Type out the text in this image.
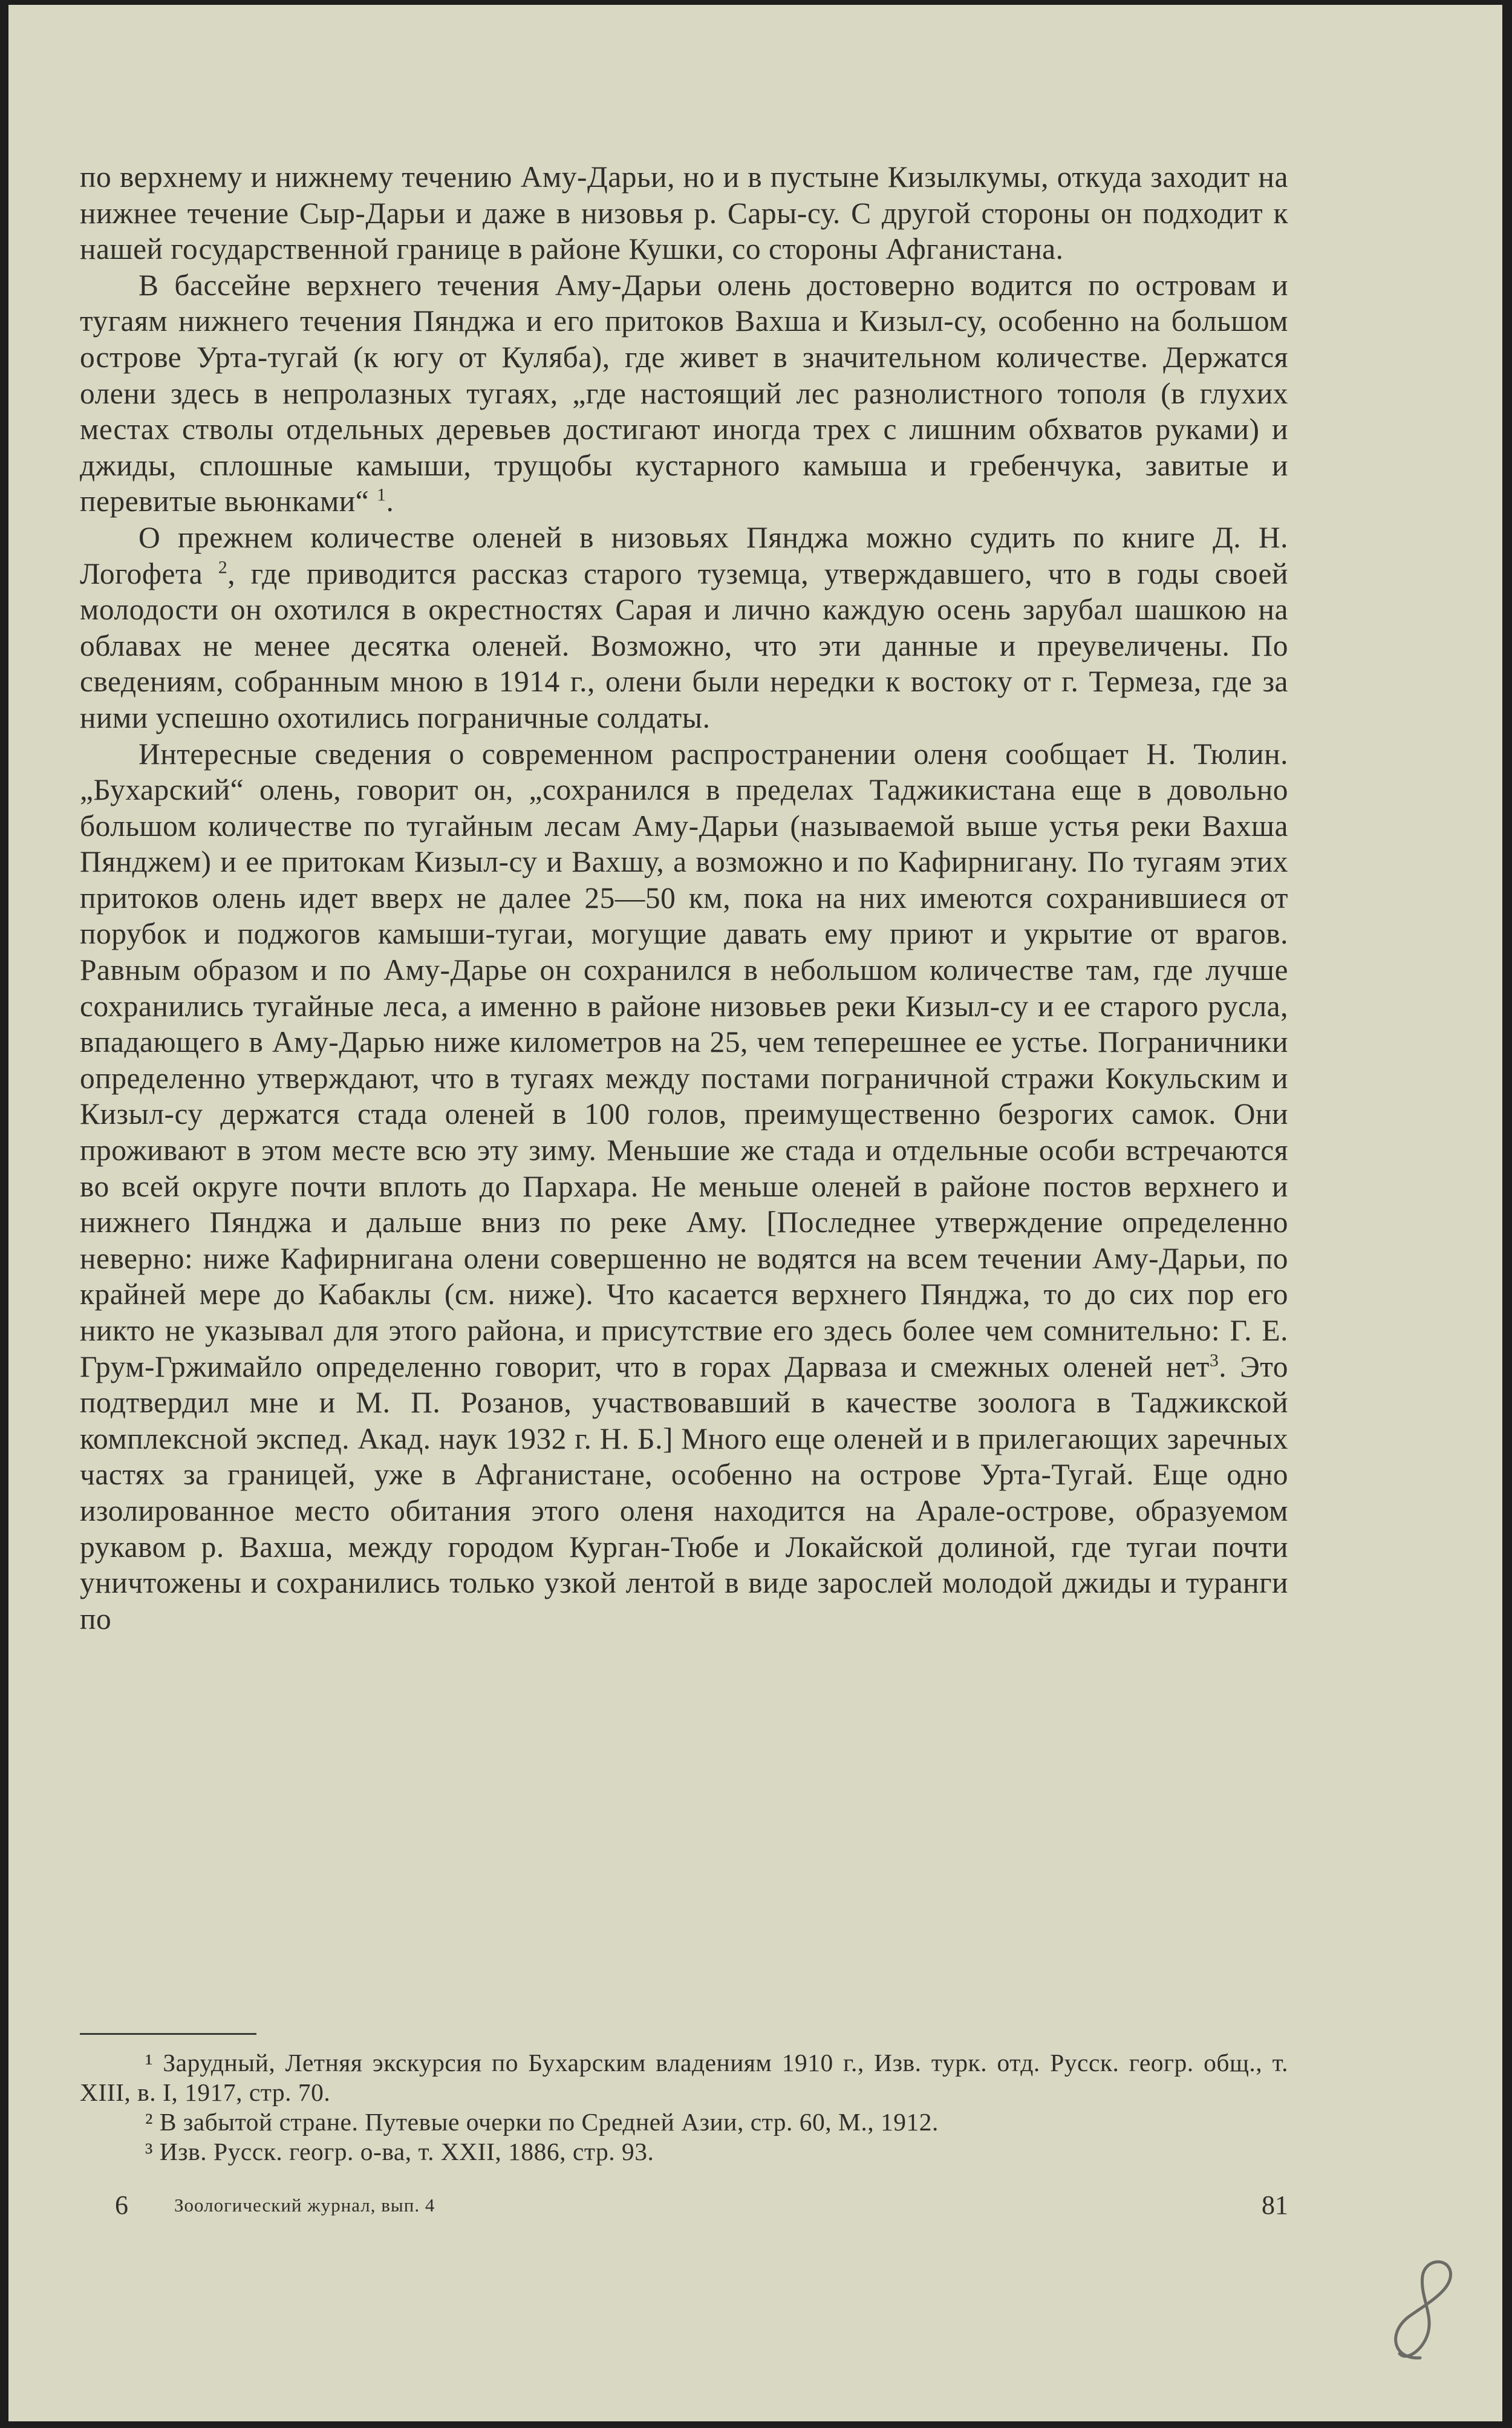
по верхнему и нижнему течению Аму-Дарьи, но и в пустыне Кизылкумы, откуда заходит на нижнее течение Сыр-Дарьи и даже в низовья р. Сары-су. С другой стороны он подходит к нашей государственной границе в районе Кушки, со стороны Афганистана.

В бассейне верхнего течения Аму-Дарьи олень достоверно водится по островам и тугаям нижнего течения Пянджа и его притоков Вахша и Кизыл-су, особенно на большом острове Урта-тугай (к югу от Куляба), где живет в значительном количестве. Держатся олени здесь в непролазных тугаях, „где настоящий лес разнолистного тополя (в глухих местах стволы отдельных деревьев достигают иногда трех с лишним обхватов руками) и джиды, сплошные камыши, трущобы кустарного камыша и гребенчука, завитые и перевитые вьюнками“ $^1$.

О прежнем количестве оленей в низовьях Пянджа можно судить по книге Д. Н. Логофета $^2$, где приводится рассказ старого туземца, утверждавшего, что в годы своей молодости он охотился в окрестностях Сарая и лично каждую осень зарубал шашкою на облавах не менее десятка оленей. Возможно, что эти данные и преувеличены. По сведениям, собранным мною в 1914 г., олени были нередки к востоку от г. Термеза, где за ними успешно охотились пограничные солдаты.

Интересные сведения о современном распространении оленя сообщает Н. Тюлин. „Бухарский“ олень, говорит он, „сохранился в пределах Таджикистана еще в довольно большом количестве по тугайным лесам Аму-Дарьи (называемой выше устья реки Вахша Пянджем) и ее притокам Кизыл-су и Вахшу, а возможно и по Кафирнигану. По тугаям этих притоков олень идет вверх не далее 25—50 км, пока на них имеются сохранившиеся от порубок и поджогов камыши-тугаи, могущие давать ему приют и укрытие от врагов. Равным образом и по Аму-Дарье он сохранился в небольшом количестве там, где лучше сохранились тугайные леса, а именно в районе низовьев реки Кизыл-су и ее старого русла, впадающего в Аму-Дарью ниже километров на 25, чем теперешнее ее устье. Пограничники определенно утверждают, что в тугаях между постами пограничной стражи Кокульским и Кизыл-су держатся стада оленей в 100 голов, преимущественно безрогих самок. Они проживают в этом месте всю эту зиму. Меньшие же стада и отдельные особи встречаются во всей округе почти вплоть до Пархара. Не меньше оленей в районе постов верхнего и нижнего Пянджа и дальше вниз по реке Аму. [Последнее утверждение определенно неверно: ниже Кафирнигана олени совершенно не водятся на всем течении Аму-Дарьи, по крайней мере до Кабаклы (см. ниже). Что касается верхнего Пянджа, то до сих пор его никто не указывал для этого района, и присутствие его здесь более чем сомнительно: Г. Е. Грум-Гржимайло определенно говорит, что в горах Дарваза и смежных оленей нет$^3$. Это подтвердил мне и М. П. Розанов, участвовавший в качестве зоолога в Таджикской комплексной экспед. Акад. наук 1932 г. Н. Б.] Много еще оленей и в прилегающих заречных частях за границей, уже в Афганистане, особенно на острове Урта-Тугай. Еще одно изолированное место обитания этого оленя находится на Арале-острове, образуемом рукавом р. Вахша, между городом Курган-Тюбе и Локайской долиной, где тугаи почти уничтожены и сохранились только узкой лентой в виде зарослей молодой джиды и туранги по

¹ Зарудный, Летняя экскурсия по Бухарским владениям 1910 г., Изв. турк. отд. Русск. геогр. общ., т. XIII, в. I, 1917, стр. 70.

² В забытой стране. Путевые очерки по Средней Азии, стр. 60, М., 1912.

³ Изв. Русск. геогр. о-ва, т. XXII, 1886, стр. 93.

6 Зоологический журнал, вып. 4	81
